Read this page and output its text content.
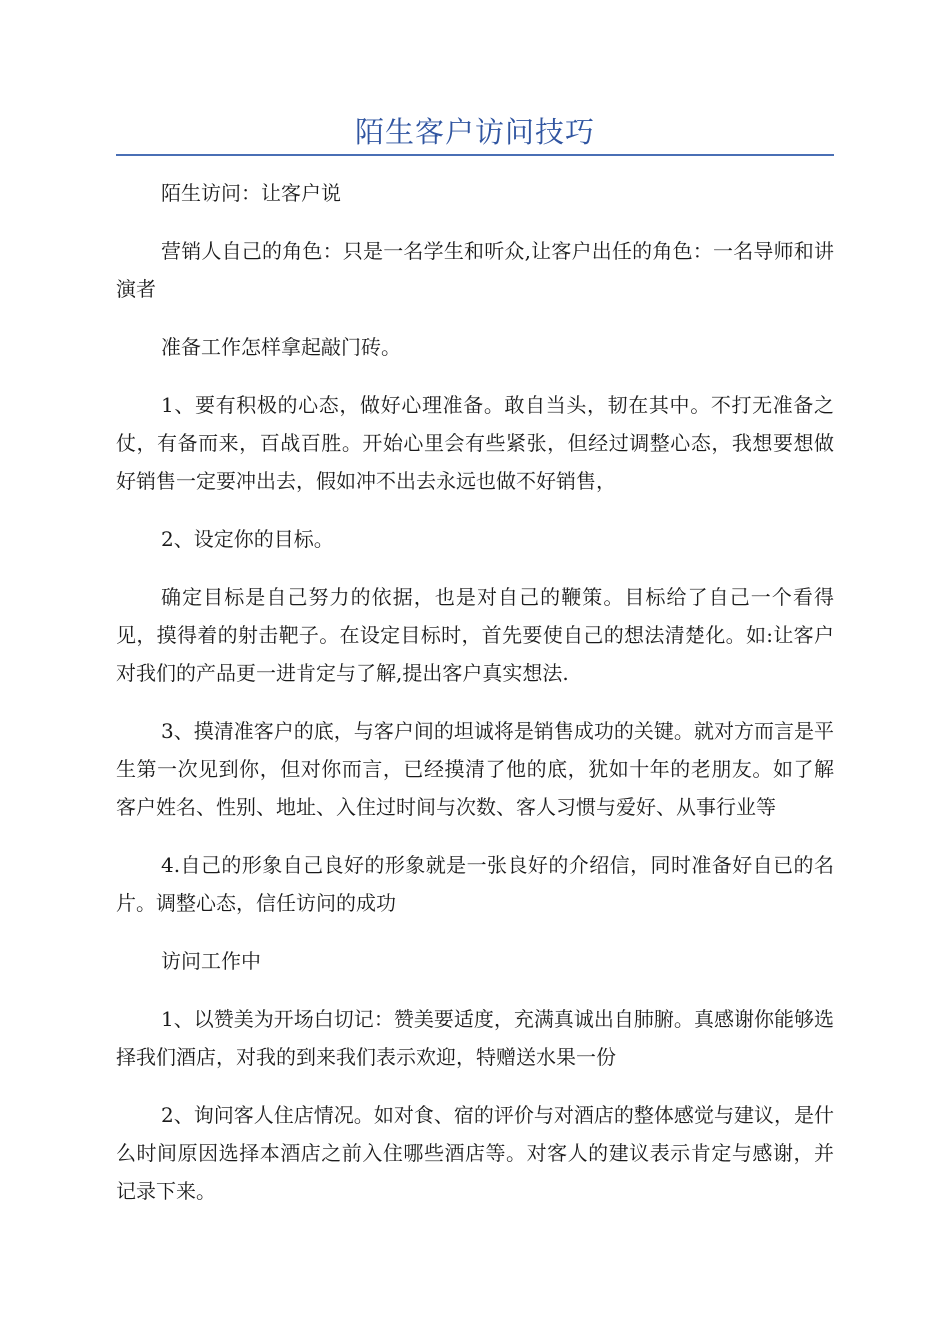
陌生客户访问技巧

陌生访问：让客户说

营销人自己的角色：只是一名学生和听众,让客户出任的角色：一名导师和讲演者

准备工作怎样拿起敲门砖。

1、要有积极的心态，做好心理准备。敢自当头，韧在其中。不打无准备之仗，有备而来，百战百胜。开始心里会有些紧张，但经过调整心态，我想要想做好销售一定要冲出去，假如冲不出去永远也做不好销售，

2、设定你的目标。

确定目标是自己努力的依据，也是对自己的鞭策。目标给了自己一个看得见，摸得着的射击靶子。在设定目标时，首先要使自己的想法清楚化。如:让客户对我们的产品更一进肯定与了解,提出客户真实想法.

3、摸清准客户的底，与客户间的坦诚将是销售成功的关键。就对方而言是平生第一次见到你，但对你而言，已经摸清了他的底，犹如十年的老朋友。如了解客户姓名、性别、地址、入住过时间与次数、客人习惯与爱好、从事行业等

4.自己的形象自己良好的形象就是一张良好的介绍信，同时准备好自已的名片。调整心态，信任访问的成功

访问工作中

1、以赞美为开场白切记：赞美要适度，充满真诚出自肺腑。真感谢你能够选择我们酒店，对我的到来我们表示欢迎，特赠送水果一份

2、询问客人住店情况。如对食、宿的评价与对酒店的整体感觉与建议，是什么时间原因选择本酒店之前入住哪些酒店等。对客人的建议表示肯定与感谢，并记录下来。
